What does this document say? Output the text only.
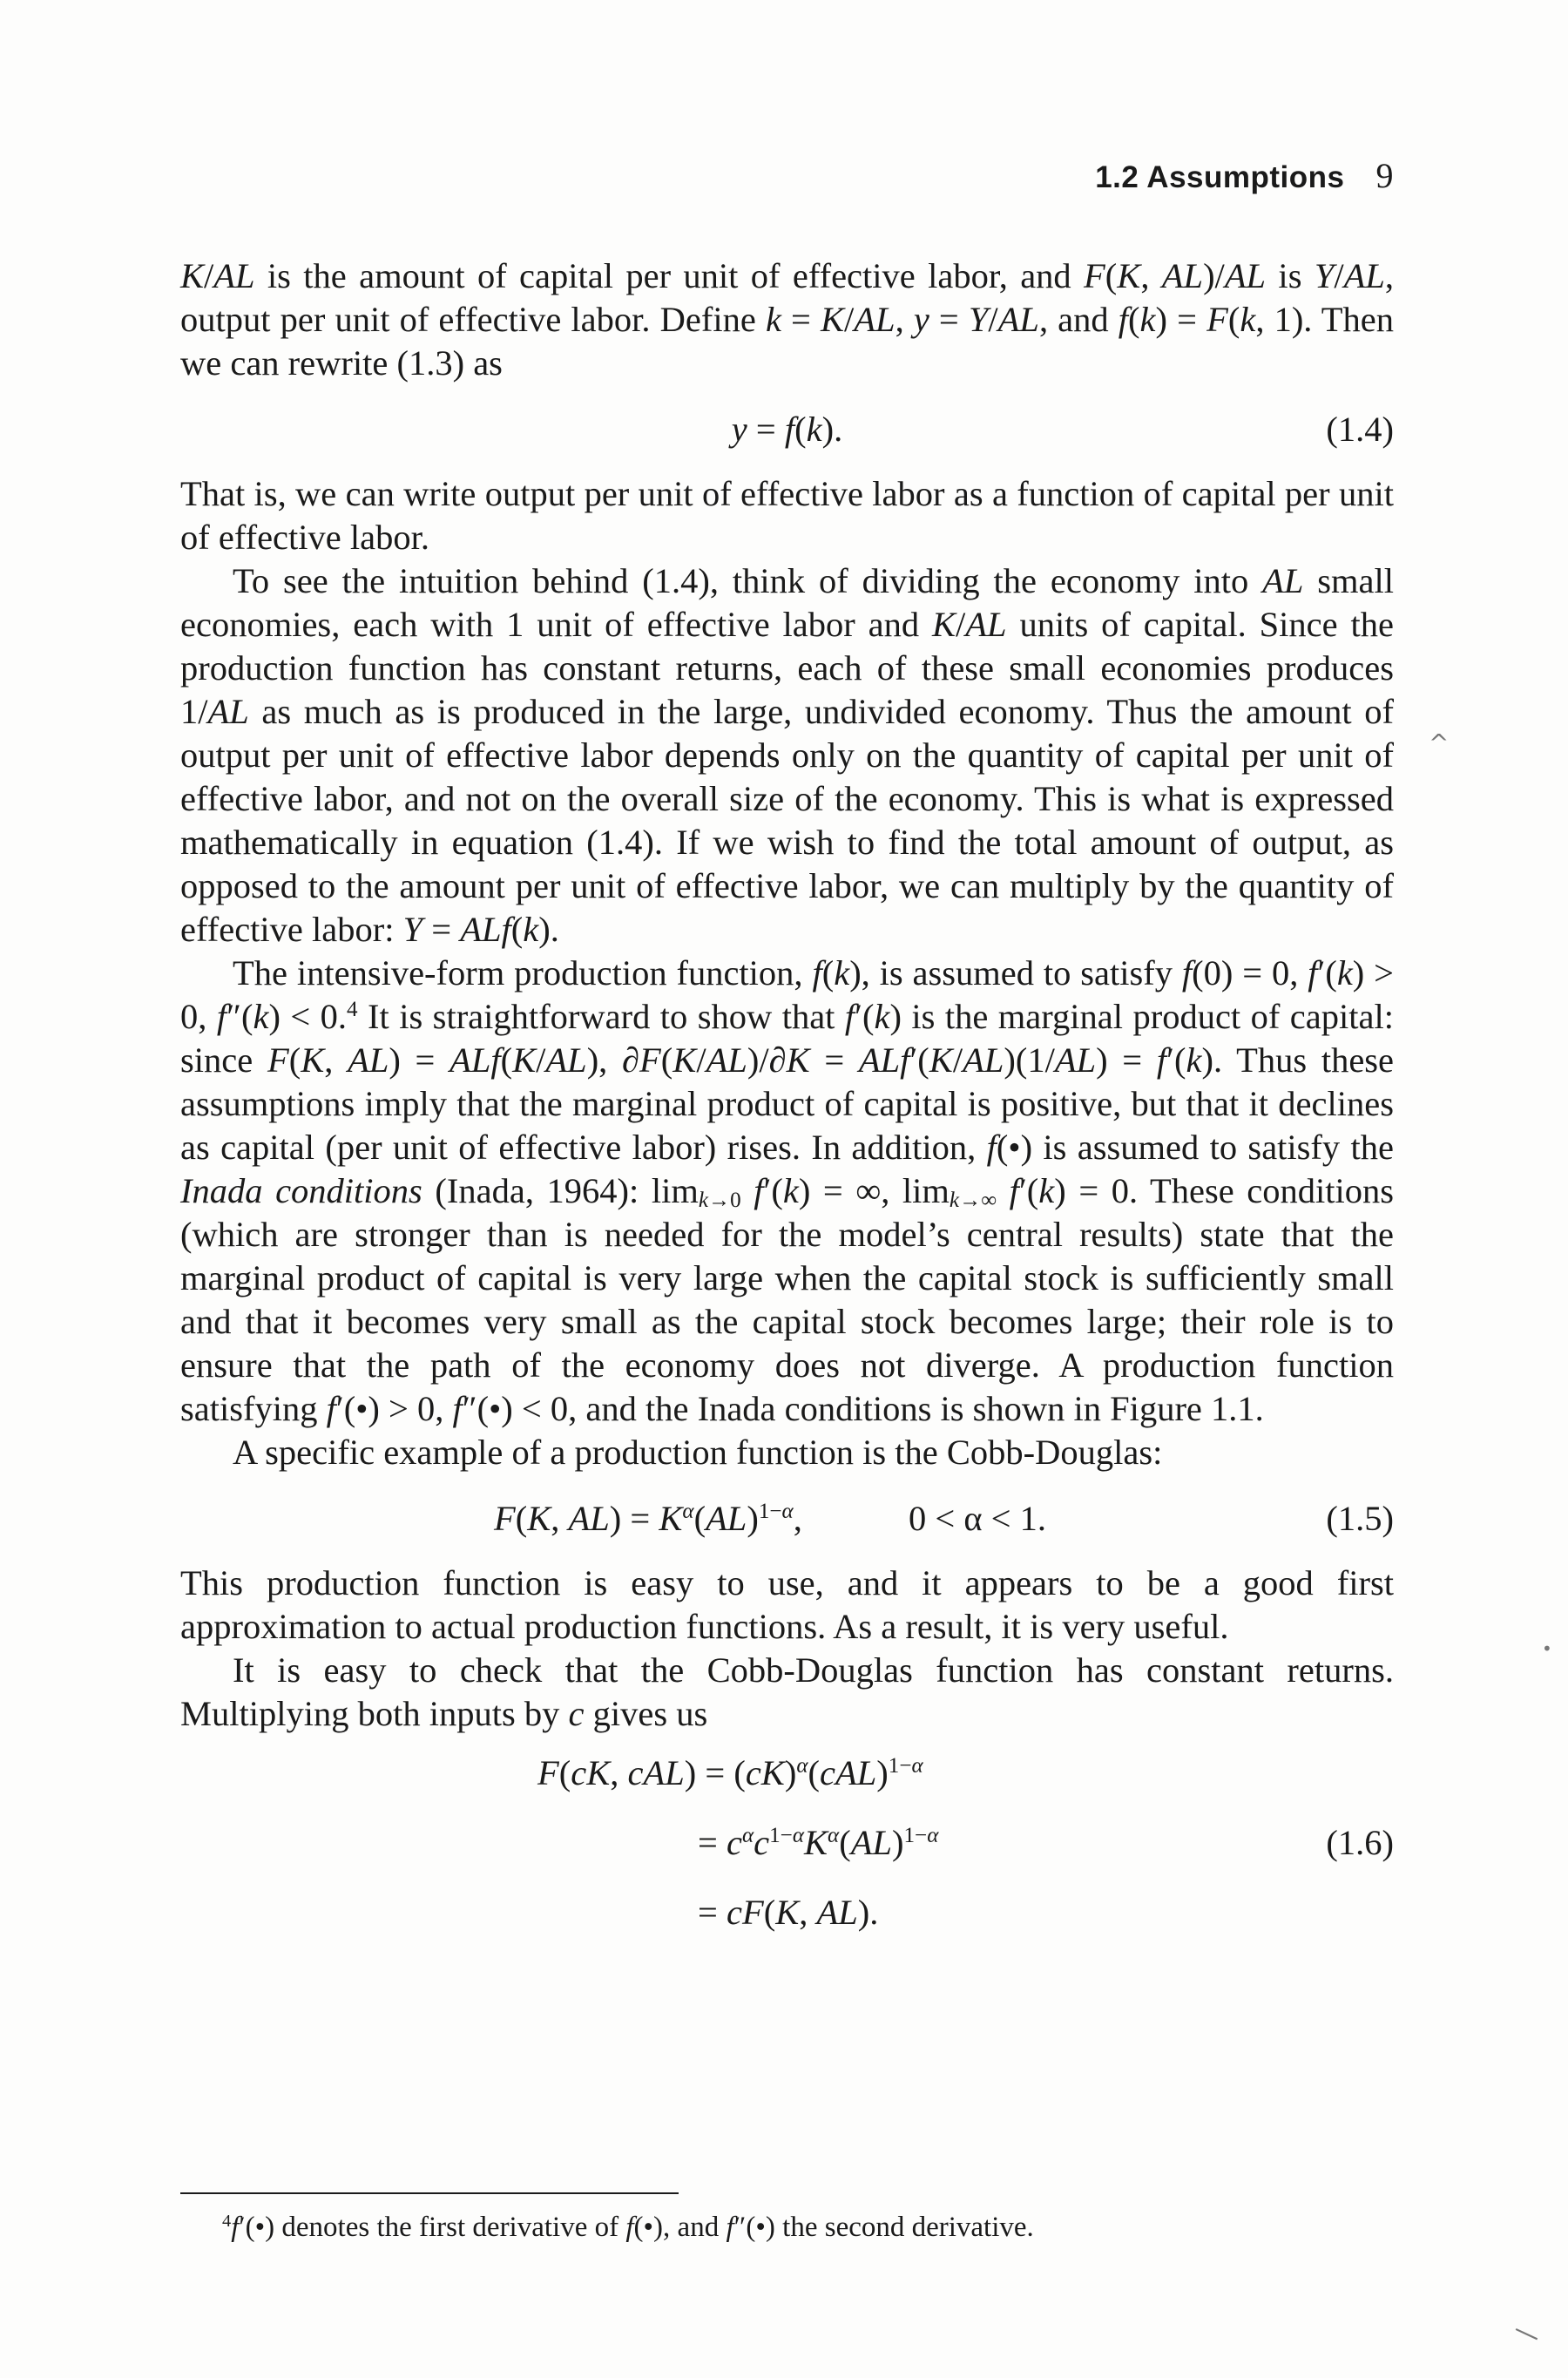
1.2 Assumptions 9

K/AL is the amount of capital per unit of effective labor, and F(K, AL)/AL is Y/AL, output per unit of effective labor. Define k = K/AL, y = Y/AL, and f(k) = F(k, 1). Then we can rewrite (1.3) as

y = f(k).	(1.4)

That is, we can write output per unit of effective labor as a function of capital per unit of effective labor.

To see the intuition behind (1.4), think of dividing the economy into AL small economies, each with 1 unit of effective labor and K/AL units of capital. Since the production function has constant returns, each of these small economies produces 1/AL as much as is produced in the large, undivided economy. Thus the amount of output per unit of effective labor depends only on the quantity of capital per unit of effective labor, and not on the overall size of the economy. This is what is expressed mathematically in equation (1.4). If we wish to find the total amount of output, as opposed to the amount per unit of effective labor, we can multiply by the quantity of effective labor: Y = ALf(k).

The intensive-form production function, f(k), is assumed to satisfy f(0) = 0, f′(k) > 0, f″(k) < 0.$^4$ It is straightforward to show that f′(k) is the marginal product of capital: since F(K, AL) = ALf(K/AL), ∂F(K/AL)/∂K = ALf′(K/AL)(1/AL) = f′(k). Thus these assumptions imply that the marginal product of capital is positive, but that it declines as capital (per unit of effective labor) rises. In addition, f(•) is assumed to satisfy the Inada conditions (Inada, 1964): $\lim_{k\to 0} f'(k)$ = ∞, $\lim_{k\to\infty} f'(k) = 0$. These conditions (which are stronger than is needed for the model’s central results) state that the marginal product of capital is very large when the capital stock is sufficiently small and that it becomes very small as the capital stock becomes large; their role is to ensure that the path of the economy does not diverge. A production function satisfying f′(•) > 0, f″(•) < 0, and the Inada conditions is shown in Figure 1.1.

A specific example of a production function is the Cobb-Douglas:

F(K, $AL) = K^\alpha(AL)^{1-\alpha}$,	0 < α < 1.	(1.5)

This production function is easy to use, and it appears to be a good first approximation to actual production functions. As a result, it is very useful.

It is easy to check that the Cobb-Douglas function has constant returns. Multiplying both inputs by c gives us

F(cK, cAL) = (cK)$^\alpha$(cAL)$^{1-\alpha}$
= $c^\alpha c^{1-\alpha}K^\alpha(AL)^{1-\alpha}$
= cF(K, AL).
(1.6)
$^4$f′(•) denotes the first derivative of f(•), and f″(•) the second derivative.
^
•
—
